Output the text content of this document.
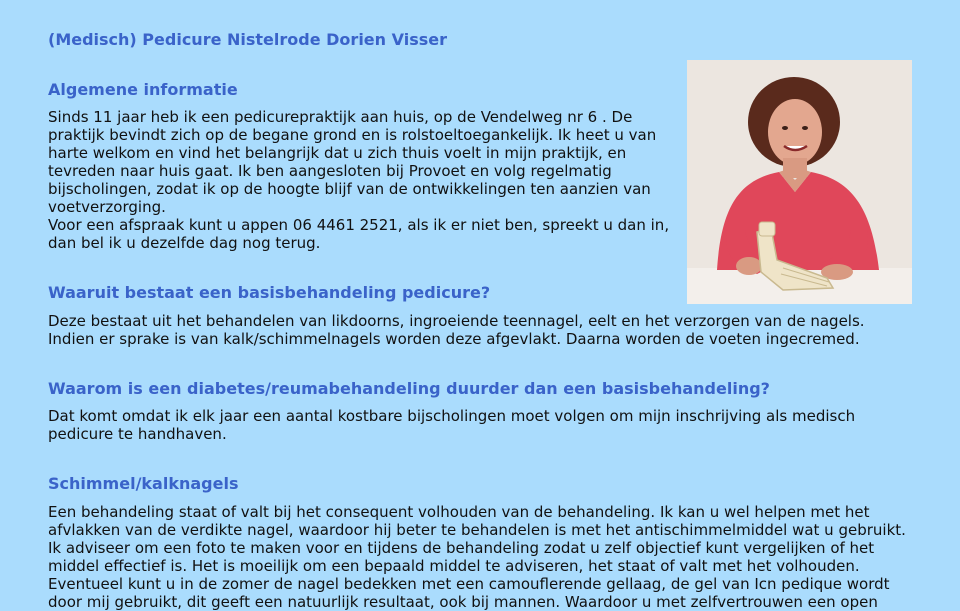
(Medisch) Pedicure Nistelrode Dorien Visser
Algemene informatie

Sinds 11 jaar heb ik een pedicurepraktijk aan huis, op de Vendelweg nr 6 . De praktijk bevindt zich op de begane grond en is rolstoeltoegankelijk. Ik heet u van harte welkom en vind het belangrijk dat u zich thuis voelt in mijn praktijk, en tevreden naar huis gaat. Ik ben aangesloten bij Provoet en volg regelmatig bijscholingen, zodat ik op de hoogte blijf van de ontwikkelingen ten aanzien van voetverzorging.

Voor een afspraak kunt u appen 06 4461 2521, als ik er niet ben, spreekt u dan in, dan bel ik u dezelfde dag nog terug.

Waaruit bestaat een basisbehandeling pedicure?

Deze bestaat uit het behandelen van likdoorns, ingroeiende teennagel, eelt en het verzorgen van de nagels. Indien er sprake is van kalk/schimmelnagels worden deze afgevlakt. Daarna worden de voeten ingecremed.

Waarom is een diabetes/reumabehandeling duurder dan een basisbehandeling?

Dat komt omdat ik elk jaar een aantal kostbare bijscholingen moet volgen om mijn inschrijving als medisch pedicure te handhaven.

Schimmel/kalknagels

Een behandeling staat of valt bij het consequent volhouden van de behandeling. Ik kan u wel helpen met het afvlakken van de verdikte nagel, waardoor hij beter te behandelen is met het antischimmelmiddel wat u gebruikt. Ik adviseer om een foto te maken voor en tijdens de behandeling zodat u zelf objectief kunt vergelijken of het middel effectief is. Het is moeilijk om een bepaald middel te adviseren, het staat of valt met het volhouden. Eventueel kunt u in de zomer de nagel bedekken met een camouflerende gellaag, de gel van Icn pedique wordt door mij gebruikt, dit geeft een natuurlijk resultaat, ook bij mannen. Waardoor u met zelfvertrouwen een open
